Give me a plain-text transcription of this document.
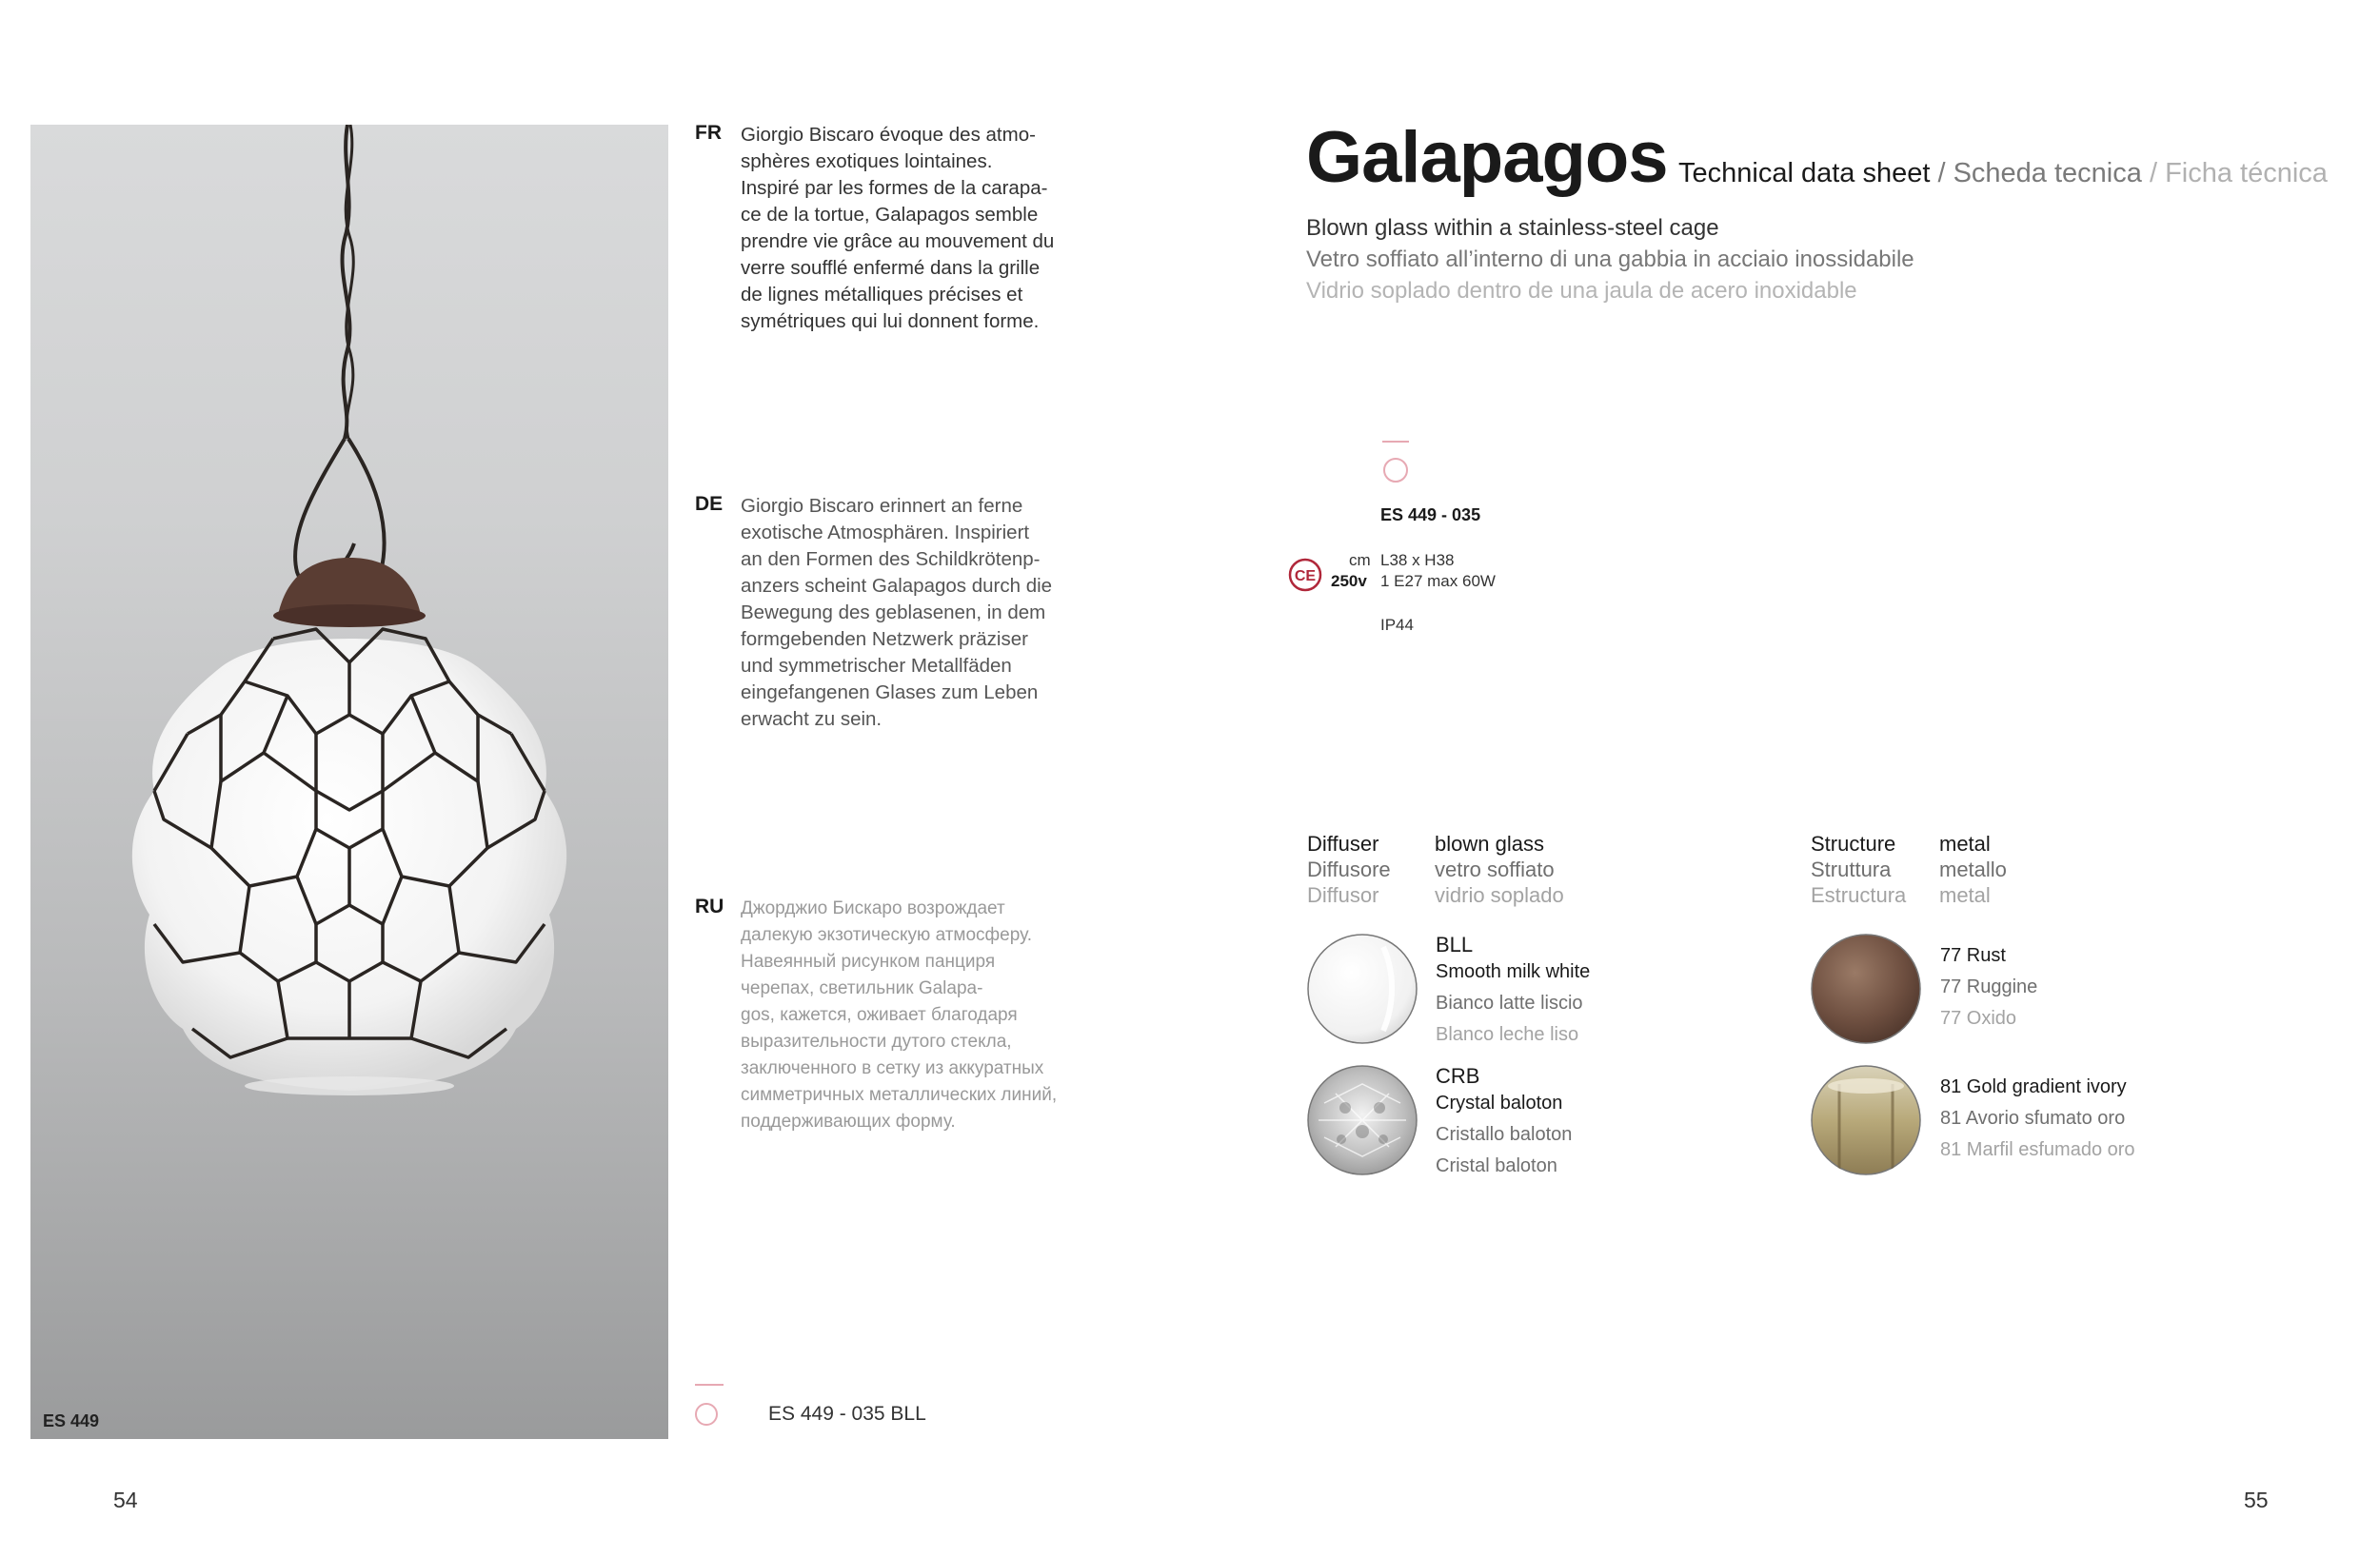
ES 449
FR Giorgio Biscaro évoque des atmo-
sphères exotiques lointaines.
Inspiré par les formes de la carapa-
ce de la tortue, Galapagos semble
prendre vie grâce au mouvement du
verre soufflé enfermé dans la grille
de lignes métalliques précises et
symétriques qui lui donnent forme.
DE Giorgio Biscaro erinnert an ferne
exotische Atmosphären. Inspiriert
an den Formen des Schildkrötenp-
anzers scheint Galapagos durch die
Bewegung des geblasenen, in dem
formgebenden Netzwerk präziser
und symmetrischer Metallfäden
eingefangenen Glases zum Leben
erwacht zu sein.
RU Джорджио Бискаро возрождает
далекую экзотическую атмосферу.
Навеянный рисунком панциря
черепах, светильник Galapa-
gos, кажется, оживает благодаря
выразительности дутого стекла,
заключенного в сетку из аккуратных
симметричных металлических линий,
поддерживающих форму.
ES 449 - 035 BLL
54	55
Galapagos Technical data sheet / Scheda tecnica / Ficha técnica
Blown glass within a stainless-steel cage
Vetro soffiato all’interno di una gabbia in acciaio inossidabile
Vidrio soplado dentro de una jaula de acero inoxidable
ES 449 - 035
CE
cm
250v
L38 x H38
1 E27 max 60W
IP44
Diffuser
Diffusore
Diffusor
blown glass
vetro soffiato
vidrio soplado
BLL
Smooth milk white
Bianco latte liscio
Blanco leche liso
CRB
Crystal baloton
Cristallo baloton
Cristal baloton
Structure
Struttura
Estructura
metal
metallo
metal
77 Rust
77 Ruggine
77 Oxido
81 Gold gradient ivory
81 Avorio sfumato oro
81 Marfil esfumado oro
